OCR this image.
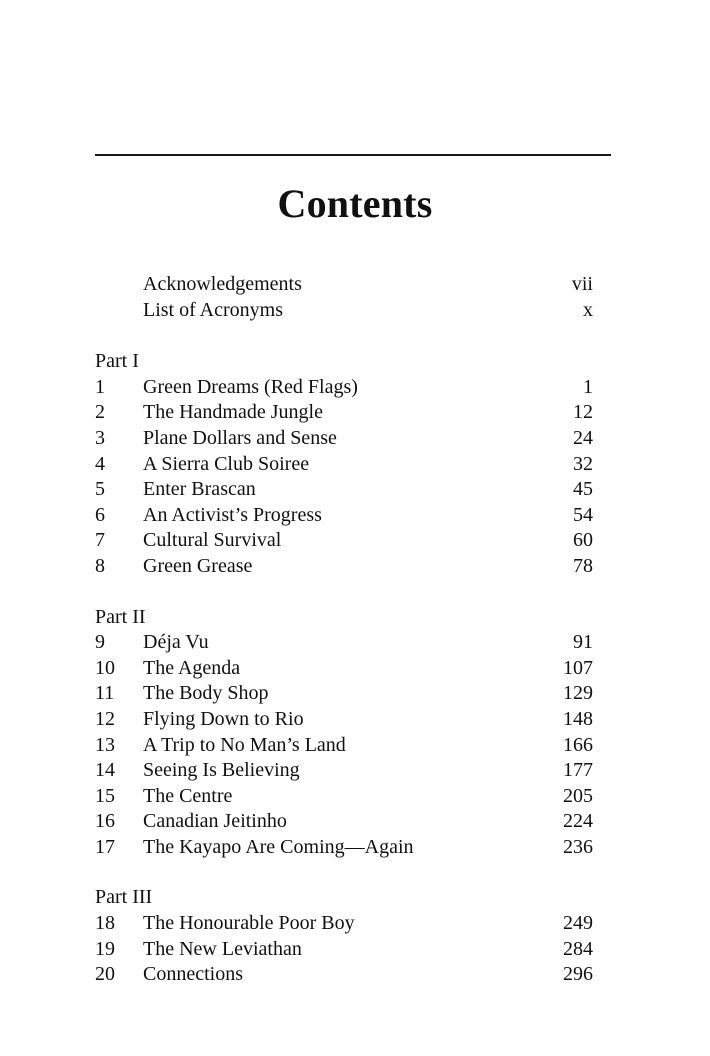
Contents
Acknowledgements	vii
List of Acronyms	x
Part I
1 Green Dreams (Red Flags)	1
2 The Handmade Jungle	12
3 Plane Dollars and Sense	24
4 A Sierra Club Soiree	32
5 Enter Brascan	45
6 An Activist’s Progress	54
7 Cultural Survival	60
8 Green Grease	78
Part II
9 Déja Vu	91
10 The Agenda	107
11 The Body Shop	129
12 Flying Down to Rio	148
13 A Trip to No Man’s Land	166
14 Seeing Is Believing	177
15 The Centre	205
16 Canadian Jeitinho	224
17 The Kayapo Are Coming—Again	236
Part III
18 The Honourable Poor Boy	249
19 The New Leviathan	284
20 Connections	296
